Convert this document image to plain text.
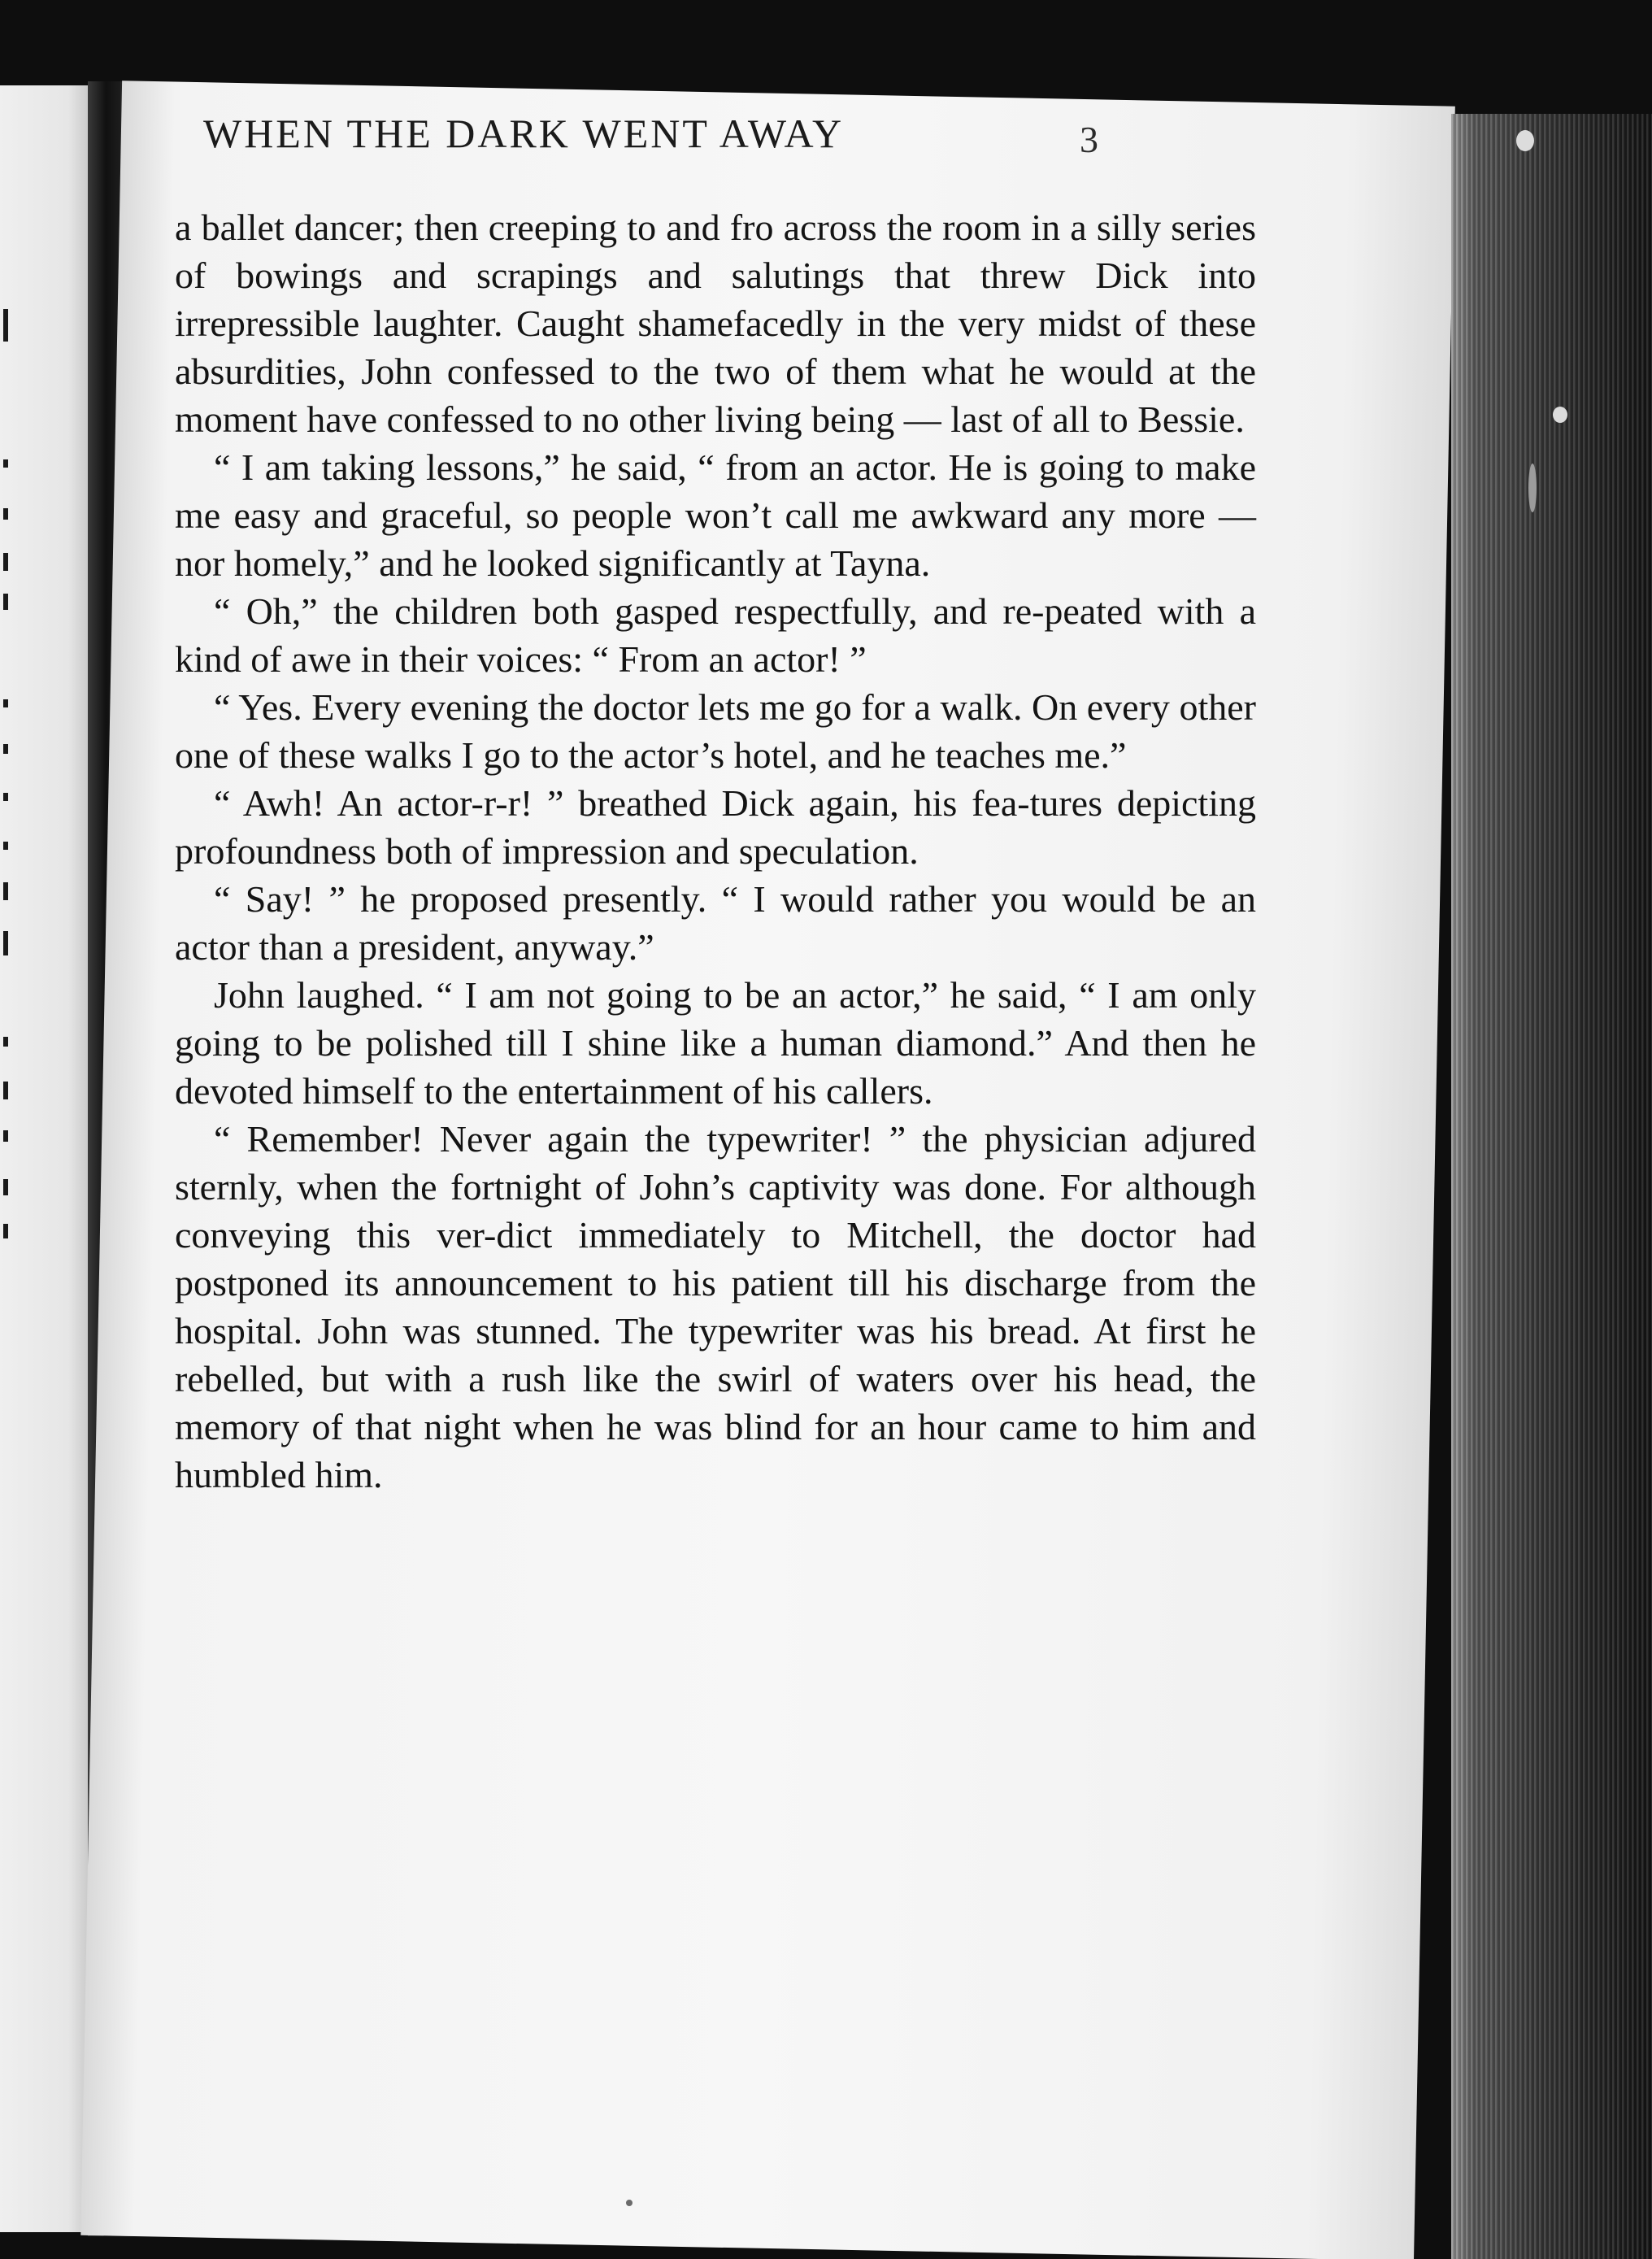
WHEN THE DARK WENT AWAY	3

a ballet dancer; then creeping to and fro across the room in a silly series of bowings and scrapings and salutings that threw Dick into irrepressible laughter. Caught shamefacedly in the very midst of these absurdities, John confessed to the two of them what he would at the moment have confessed to no other living being — last of all to Bessie.

“ I am taking lessons,” he said, “ from an actor. He is going to make me easy and graceful, so people won’t call me awkward any more — nor homely,” and he looked significantly at Tayna.

“ Oh,” the children both gasped respectfully, and re-peated with a kind of awe in their voices: “ From an actor! ”

“ Yes. Every evening the doctor lets me go for a walk. On every other one of these walks I go to the actor’s hotel, and he teaches me.”

“ Awh! An actor-r-r! ” breathed Dick again, his fea-tures depicting profoundness both of impression and speculation.

“ Say! ” he proposed presently. “ I would rather you would be an actor than a president, anyway.”

John laughed. “ I am not going to be an actor,” he said, “ I am only going to be polished till I shine like a human diamond.” And then he devoted himself to the entertainment of his callers.

“ Remember! Never again the typewriter! ” the physician adjured sternly, when the fortnight of John’s captivity was done. For although conveying this ver-dict immediately to Mitchell, the doctor had postponed its announcement to his patient till his discharge from the hospital. John was stunned. The typewriter was his bread. At first he rebelled, but with a rush like the swirl of waters over his head, the memory of that night when he was blind for an hour came to him and humbled him.
